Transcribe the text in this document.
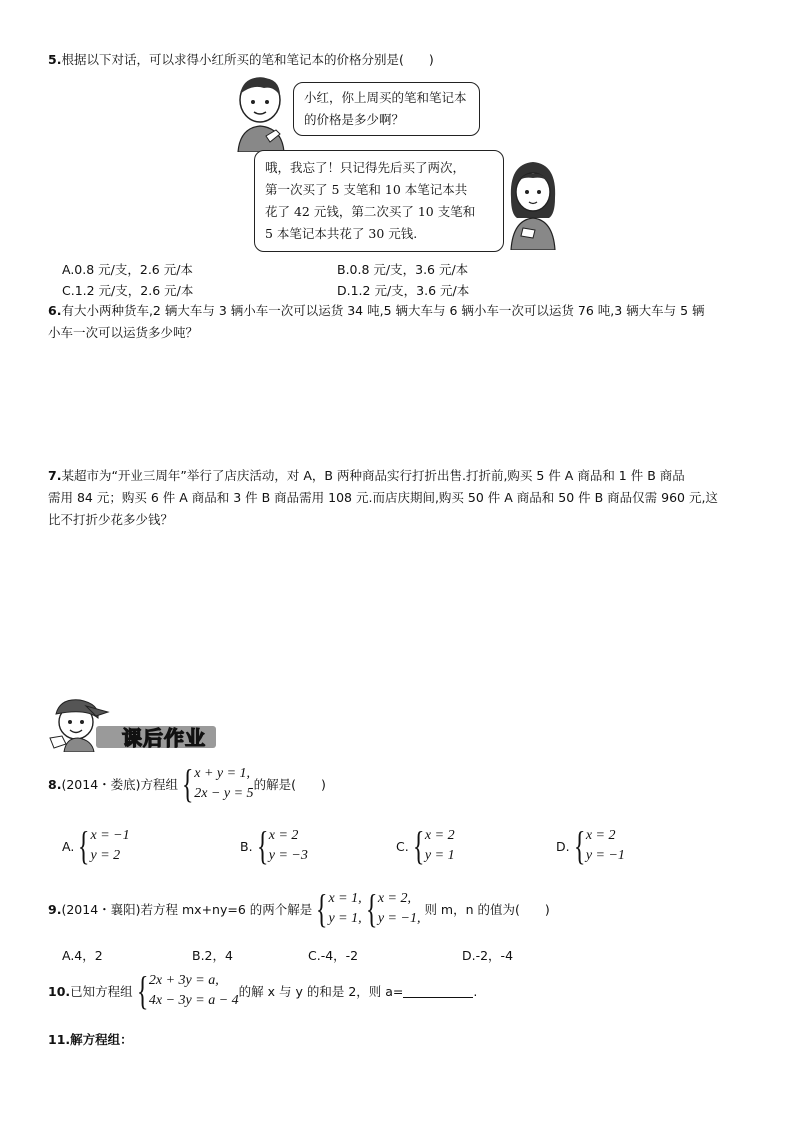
5.根据以下对话，可以求得小红所买的笔和笔记本的价格分别是(　　)
小红，你上周买的笔和笔记本
的价格是多少啊？
哦，我忘了！只记得先后买了两次，
第一次买了 5 支笔和 10 本笔记本共
花了 42 元钱，第二次买了 10 支笔和
5 本笔记本共花了 30 元钱.
A.0.8 元/支，2.6 元/本	B.0.8 元/支，3.6 元/本
C.1.2 元/支，2.6 元/本	D.1.2 元/支，3.6 元/本
6.有大小两种货车,2 辆大车与 3 辆小车一次可以运货 34 吨,5 辆大车与 6 辆小车一次可以运货 76 吨,3 辆大车与 5 辆
小车一次可以运货多少吨？
7.某超市为“开业三周年”举行了店庆活动，对 A，B 两种商品实行打折出售.打折前,购买 5 件 A 商品和 1 件 B 商品
需用 84 元；购买 6 件 A 商品和 3 件 B 商品需用 108 元.而店庆期间,购买 50 件 A 商品和 50 件 B 商品仅需 960 元,这
比不打折少花多少钱？
课后作业
8. (2014・娄底)方程组 { x + y = 1,
2x − y = 5
的解是(　　)
A. { x = −1
y = 2
B. { x = 2
y = −3
C. { x = 2
y = 1
D. { x = 2
y = −1
9. (2014・襄阳)若方程 mx+ny=6 的两个解是 { x = 1,
y = 1, { x = 2,
y = −1,
则 m，n 的值为(　　)
A.4，2	B.2，4	C.-4，-2	D.-2，-4
10. 已知方程组 { 2x + 3y = a,
4x − 3y = a − 4
的解 x 与 y 的和是 2，则 a=	.
11.解方程组：
